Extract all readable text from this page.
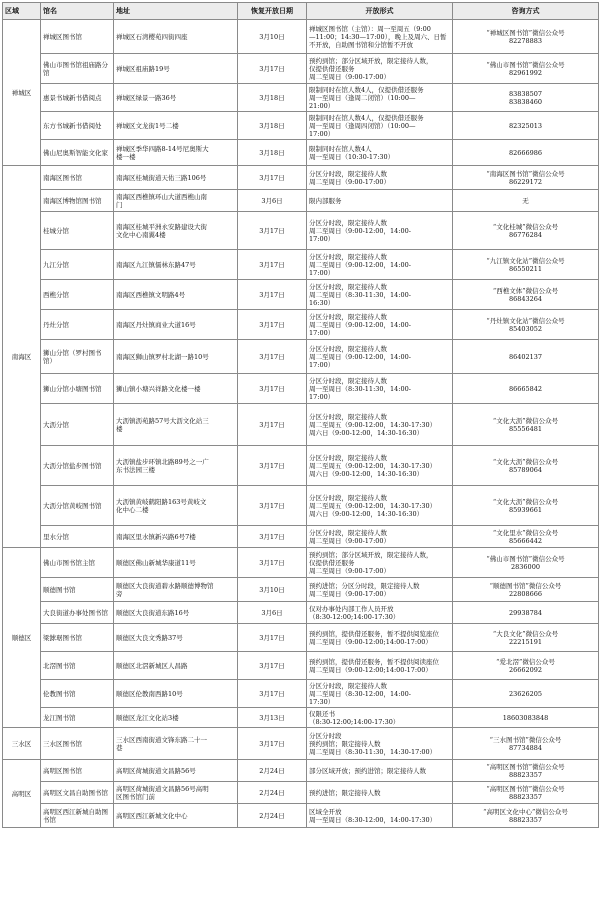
区域	馆名	地址	恢复开放日期	开放形式	咨询方式
禅城区	禅城区图书馆	禅城区石湾樱苑四街四座	3月10日	禅城区图书馆（主馆）：周一至周五（9:00
—11:00；14:30—17:00），晚上及周六、日暂
不开放，自助图书馆和分馆暂不开放	“禅城区图书馆”微信公众号
82278883

	佛山市图书馆祖庙路分
馆	禅城区祖庙路19号	3月17日	预约到馆；部分区域开放，限定接待人数，
仅提供借还服务
周二至周日（9:00-17:00）	“佛山市图书馆”微信公众号
82961992

	惠景书城新书借阅点	禅城区绿景一路36号	3月18日	限制同时在馆人数4人，仅提供借还服务
周一至周日（逢周二闭馆）（10:00—
21:00）	83838507
83838460

	东方书城新书借阅处	禅城区文龙街1号二楼	3月18日	限制同时在馆人数4人，仅提供借还服务
周一至周日（逢周四闭馆）（10:00—
17:00）	82325013

	佛山尼奥斯智能文化家	禅城区季华四路8-14号尼奥斯大
楼一楼	3月18日	限制同时在馆人数4人
周一至周日（10:30-17:30）	82666986

南海区	南海区图书馆	南海区桂城街道天佑三路106号	3月17日	分区分时段，限定接待人数
周二至周日（9:00-17:00）	“南海区图书馆”微信公众号
86229172

	南海区博物馆图书馆	南海区西樵镇环山大道西樵山南
门	3月6日	限内部服务	无

	桂城分馆	南海区桂城平洲永安路建设大街
文化中心南翼4楼	3月17日	分区分时段，限定接待人数
周二至周日（9:00-12:00，14:00-
17:00）	“文化桂城”微信公众号
86776284

	九江分馆	南海区九江镇儒林东路47号	3月17日	分区分时段，限定接待人数
周二至周日（9:00-12:00，14:00-
17:00）	“九江镇文化站”微信公众号
86550211

	西樵分馆	南海区西樵镇文明路4号	3月17日	分区分时段，限定接待人数
周二至周日（8:30-11:30，14:00-
16:30）	“西樵文体”微信公众号
86843264

	丹灶分馆	南海区丹灶镇商业大道16号	3月17日	分区分时段，限定接待人数
周二至周日（9:00-12:00，14:00-
17:00）	“丹灶镇文化站”微信公众号
85403052

	狮山分馆（罗村图书
馆）	南海区狮山镇罗村北湖一路10号	3月17日	分区分时段，限定接待人数
周二至周日（9:00-12:00，14:00-
17:00）	86402137

	狮山分馆小塘图书馆	狮山镇小塘兴祥路文化楼一楼	3月17日	分区分时段，限定接待人数
周一至周日（8:30-11:30，14:00-
17:00）	86665842

	大沥分馆	大沥镇沥苑路57号大沥文化站三
楼	3月17日	分区分时段，限定接待人数
周二至周五（9:00-12:00，14:30-17:30）
周六日（9:00-12:00，14:30-16:30）	“文化大沥”微信公众号
85556481

	大沥分馆盐步图书馆	大沥镇盐步环镇北路89号之一广
东书法园三楼	3月17日	分区分时段，限定接待人数
周二至周五（9:00-12:00，14:30-17:30）
周六日（9:00-12:00，14:30-16:30）	“文化大沥”微信公众号
85789064

	大沥分馆黄岐图书馆	大沥镇黄岐鹤阳路163号黄岐文
化中心二楼	3月17日	分区分时段，限定接待人数
周二至周五（9:00-12:00，14:30-17:30）
周六日（9:00-12:00，14:30-16:30）	“文化大沥”微信公众号
85939661

	里水分馆	南海区里水镇新兴路6号7楼	3月17日	分区分时段，限定接待人数
周二至周日（9:00-17:00）	“文化里水”微信公众号
85666442

顺德区	佛山市图书馆主馆	顺德区佛山新城华康道11号	3月17日	预约到馆；部分区域开放，限定接待人数，
仅提供借还服务
周二至周日（9:00-17:00）	“佛山市图书馆”微信公众号
2836000

	顺德图书馆	顺德区大良街道碧水路顺德博物馆
旁	3月10日	预约进馆；分区分时段，限定接待人数
周二至周日（9:00-17:00）	“顺德图书馆”微信公众号
22808666

	大良街道办事处图书馆	顺德区大良街道东路16号	3月6日	仅对办事处内部工作人员开放
（8:30-12:00;14:00-17:30）	29938784

	梁銶琚图书馆	顺德区大良文秀路37号	3月17日	预约到馆，提供借还服务，暂不提供阅览座位
周二至周日（9:00-12:00;14:00-17:00）	“大良文化”微信公众号
22215191

	北滘图书馆	顺德区北滘新城区人昌路	3月17日	预约到馆，提供借还服务，暂不提供阅读座位
周二至周日（9:00-12:00;14:00-17:00）	“爱北滘”微信公众号
26662092

	伦教图书馆	顺德区伦教南西路10号	3月17日	分区分时段，限定接待人数
周二至周日（8:30-12:00，14:00-
17:30）	23626205

	龙江图书馆	顺德区龙江文化站3楼	3月13日	仅限还书
（8:30-12:00;14:00-17:30）	18603083848

三水区	三水区图书馆	三水区西南街道文锋东路二十一
巷	3月17日	分区分时段
预约到馆；限定接待人数
周二至周日（8:30-11:30，14:30-17:00）	“三水图书馆”微信公众号
87734884

高明区	高明区图书馆	高明区荷城街道文昌路56号	2月24日	部分区域开放；预约进馆；限定接待人数	“高明区图书馆”微信公众号
88823357

	高明区文昌自助图书馆	高明区荷城街道文昌路56号高明
区图书馆门前	2月24日	预约进馆；限定接待人数	“高明区图书馆”微信公众号
88823357

	高明区西江新城自助图书馆	高明区西江新城文化中心	2月24日	区域全开放
周一至周日（8:30-12:00，14:00-17:30）	“高明区文化中心”微信公众号
88823357
